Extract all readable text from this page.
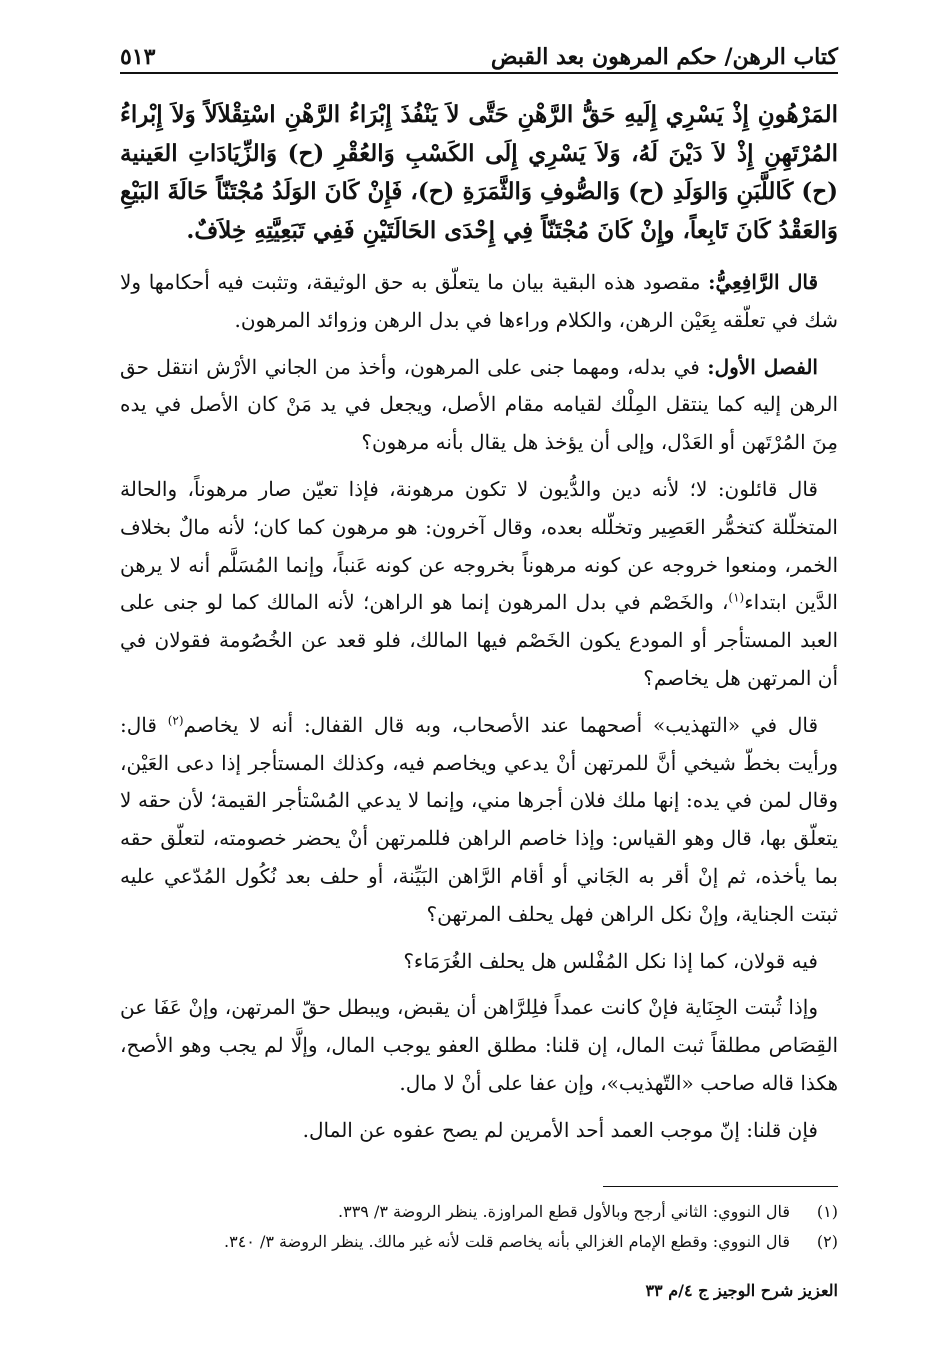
كتاب الرهن/ حكم المرهون بعد القبض
٥١٣

المَرْهُونِ إِذْ يَسْرِي إِلَيهِ حَقُّ الرَّهْنِ حَتَّى لاَ يَنْفُذَ إِبْرَاءُ الرَّهْنِ اسْتِقْلاَلاً وَلاَ إِبْراءُ المُرْتَهِنِ إِذْ لاَ دَيْنَ لَهُ، وَلاَ يَسْرِي إِلَى الكَسْبِ وَالعُقْرِ (ح) وَالزِّيَادَاتِ العَينية (ح) كَاللَّبَنِ وَالوَلَدِ (ح) وَالصُّوفِ وَالثَّمَرَةِ (ح)، فَإِنْ كَانَ الوَلَدُ مُجْتَنّاً حَالَةَ البَيْعِ وَالعَقْدُ كَانَ تَابِعاً، وإِنْ كَانَ مُجْتَنّاً فِي إِحْدَى الحَالَتَيْنِ فَفِي تَبَعِيَّتِهِ خِلاَفٌ.

قال الرَّافِعِيُّ: مقصود هذه البقية بيان ما يتعلّق به حق الوثيقة، وتثبت فيه أحكامها ولا شك في تعلّقه بِعَيْن الرهن، والكلام وراءها في بدل الرهن وزوائد المرهون.

الفصل الأول: في بدله، ومهما جنى على المرهون، وأخذ من الجاني الأرْش انتقل حق الرهن إليه كما ينتقل المِلْك لقيامه مقام الأصل، ويجعل في يد مَنْ كان الأصل في يده مِنَ المُرْتَهن أو العَدْل، وإلى أن يؤخذ هل يقال بأنه مرهون؟

قال قائلون: لا؛ لأنه دين والدُّيون لا تكون مرهونة، فإذا تعيّن صار مرهوناً، والحالة المتخلّلة كتخمُّر العَصِير وتخلّله بعده، وقال آخرون: هو مرهون كما كان؛ لأنه مالٌ بخلاف الخمر، ومنعوا خروجه عن كونه مرهوناً بخروجه عن كونه عَنباً، وإنما المُسَلَّم أنه لا يرهن الدَّين ابتداء$^{(١)}$، والخَصْم في بدل المرهون إنما هو الراهن؛ لأنه المالك كما لو جنى على العبد المستأجر أو المودع يكون الخَصْم فيها المالك، فلو قعد عن الخُصُومة فقولان في أن المرتهن هل يخاصم؟

قال في «التهذيب» أصحهما عند الأصحاب، وبه قال القفال: أنه لا يخاصم$^{(٢)}$ قال: ورأيت بخطّ شيخي أنَّ للمرتهن أنْ يدعي ويخاصم فيه، وكذلك المستأجر إذا دعى العَيْن، وقال لمن في يده: إنها ملك فلان أجرها مني، وإنما لا يدعي المُسْتأجر القيمة؛ لأن حقه لا يتعلّق بها، قال وهو القياس: وإذا خاصم الراهن فللمرتهن أنْ يحضر خصومته، لتعلّق حقه بما يأخذه، ثم إنْ أقر به الجَاني أو أقام الرَّاهن البَيِّنة، أو حلف بعد نُكُول المُدّعي عليه ثبتت الجناية، وإنْ نكل الراهن فهل يحلف المرتهن؟

فيه قولان، كما إذا نكل المُفْلس هل يحلف الغُرَمَاء؟

وإذا ثُبتت الجِنَاية فإنْ كانت عمداً فلِلرَّاهن أن يقبض، ويبطل حقّ المرتهن، وإنْ عَفَا عن القِصَاص مطلقاً ثبت المال، إن قلنا: مطلق العفو يوجب المال، وإلَّا لم يجب وهو الأصح، هكذا قاله صاحب «التّهذيب»، وإن عفا على أنْ لا مال.

فإن قلنا: إنّ موجب العمد أحد الأمرين لم يصح عفوه عن المال.

(١)
قال النووي: الثاني أرجح وبالأول قطع المراوزة. ينظر الروضة ٣/ ٣٣٩.

(٢)
قال النووي: وقطع الإمام الغزالي بأنه يخاصم قلت لأنه غير مالك. ينظر الروضة ٣/ ٣٤٠.

العزيز شرح الوجيز ج ٤/م ٣٣
